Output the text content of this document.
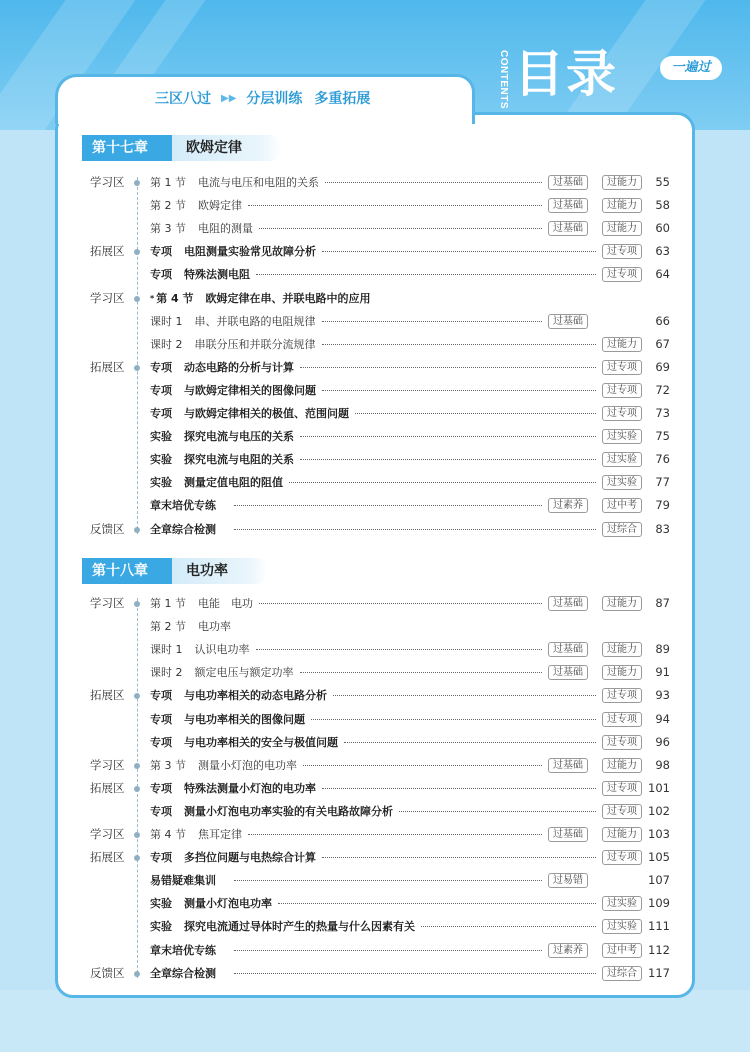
CONTENTS 目录	一遍过
三区八过 ▶▶ 分层训练 多重拓展
第十七章	欧姆定律
学习区	第 1 节 电流与电压和电阻的关系	过基础	过能力	55
第 2 节 欧姆定律	过基础	过能力	58
第 3 节 电阻的测量	过基础	过能力	60
拓展区	专项 电阻测量实验常见故障分析	过专项	63
专项 特殊法测电阻	过专项	64
学习区	* 第 4 节 欧姆定律在串、并联电路中的应用
课时 1 串、并联电路的电阻规律	过基础	66
课时 2 串联分压和并联分流规律	过能力	67
拓展区	专项 动态电路的分析与计算	过专项	69
专项 与欧姆定律相关的图像问题	过专项	72
专项 与欧姆定律相关的极值、范围问题	过专项	73
实验 探究电流与电压的关系	过实验	75
实验 探究电流与电阻的关系	过实验	76
实验 测量定值电阻的阻值	过实验	77
章末培优专练	过素养	过中考	79
反馈区	全章综合检测	过综合	83
第十八章	电功率
学习区	第 1 节 电能　电功	过基础	过能力	87
第 2 节 电功率
课时 1 认识电功率	过基础	过能力	89
课时 2 额定电压与额定功率	过基础	过能力	91
拓展区	专项 与电功率相关的动态电路分析	过专项	93
专项 与电功率相关的图像问题	过专项	94
专项 与电功率相关的安全与极值问题	过专项	96
学习区	第 3 节 测量小灯泡的电功率	过基础	过能力	98
拓展区	专项 特殊法测量小灯泡的电功率	过专项 101
专项 测量小灯泡电功率实验的有关电路故障分析	过专项 102
学习区	第 4 节 焦耳定律	过基础	过能力 103
拓展区	专项 多挡位问题与电热综合计算	过专项 105
易错疑难集训	过易错	107
实验 测量小灯泡电功率	过实验 109
实验 探究电流通过导体时产生的热量与什么因素有关	过实验 111
章末培优专练	过素养	过中考 112
反馈区	全章综合检测	过综合 117
